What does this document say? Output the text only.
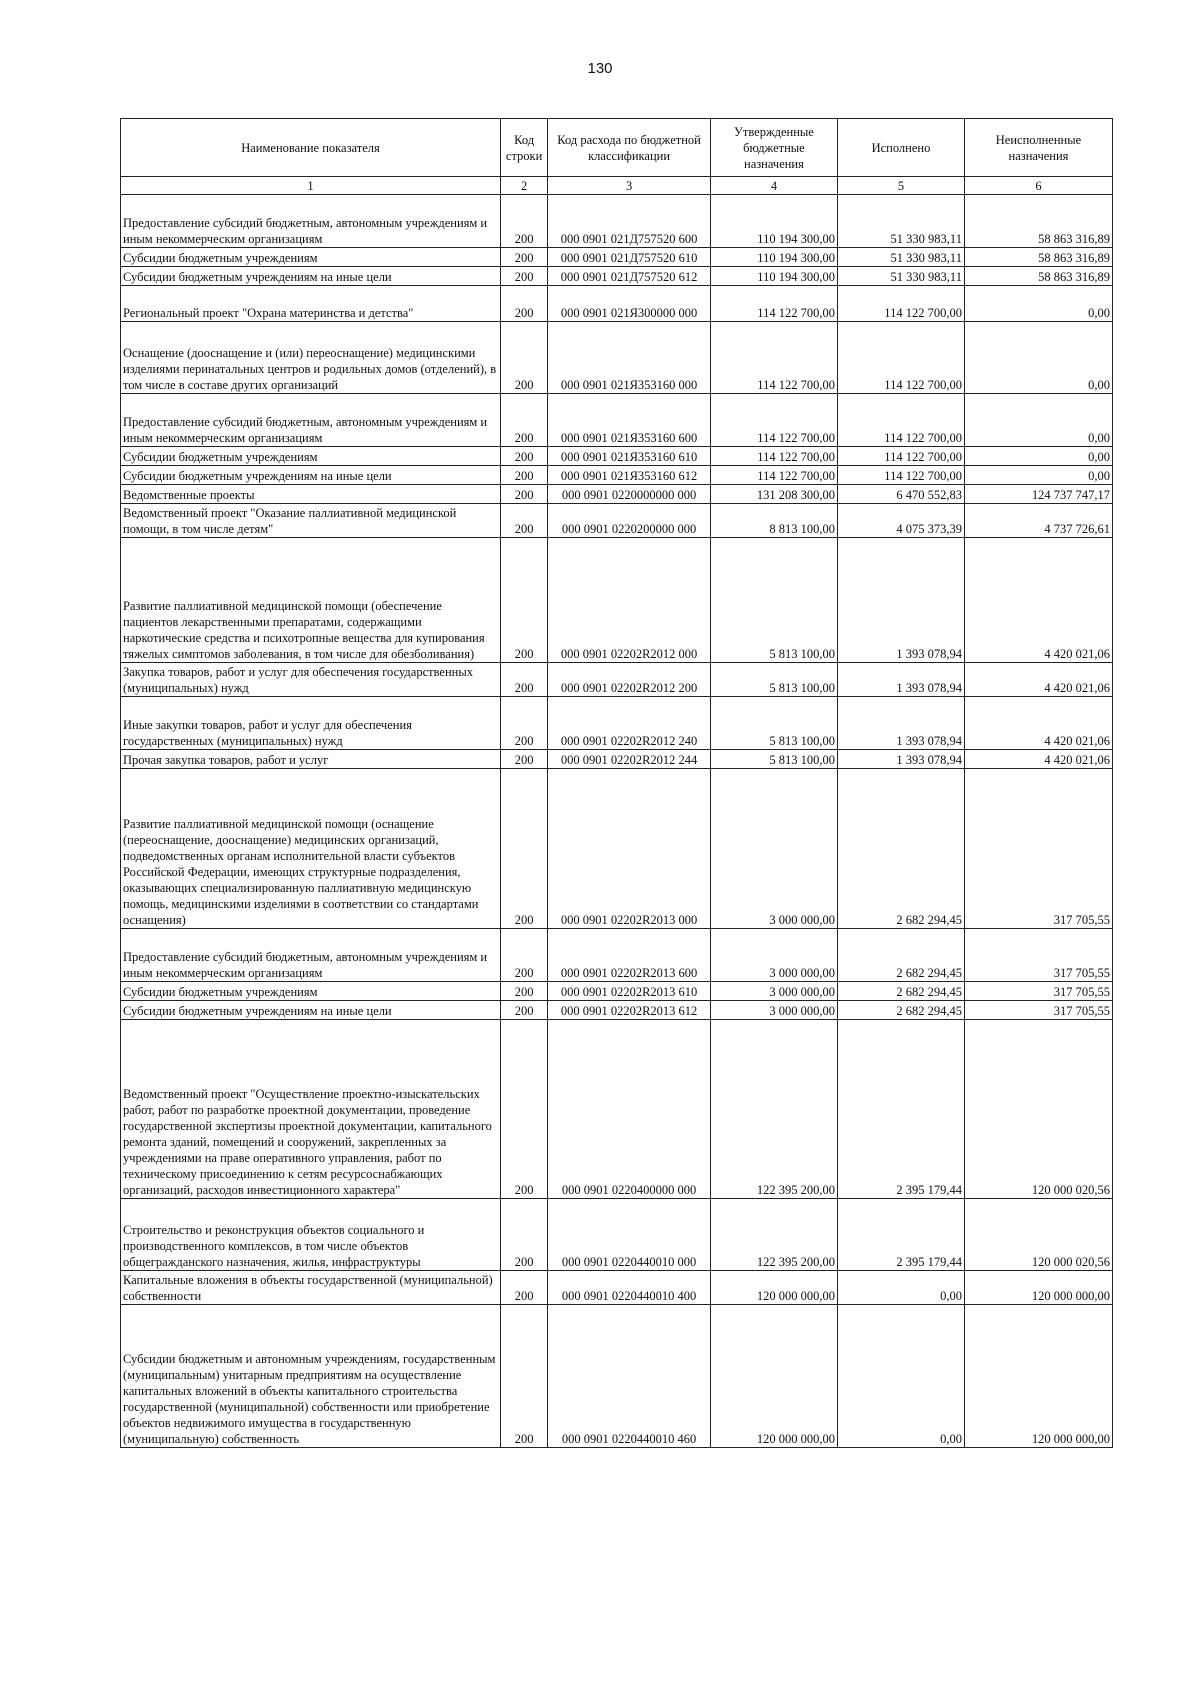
130
Наименование показателя	Код строки	Код расхода по бюджетной классификации	Утвержденные бюджетные назначения	Исполнено	Неисполненные назначения
1	2	3	4	5	6
Предоставление субсидий бюджетным, автономным учреждениям и иным некоммерческим организациям	200	000 0901 021Д757520 600	110 194 300,00	51 330 983,11	58 863 316,89
Субсидии бюджетным учреждениям	200	000 0901 021Д757520 610	110 194 300,00	51 330 983,11	58 863 316,89
Субсидии бюджетным учреждениям на иные цели	200	000 0901 021Д757520 612	110 194 300,00	51 330 983,11	58 863 316,89
Региональный проект "Охрана материнства и детства"	200	000 0901 021Я300000 000	114 122 700,00	114 122 700,00	0,00
Оснащение (дооснащение и (или) переоснащение) медицинскими изделиями перинатальных центров и родильных домов (отделений), в том числе в составе других организаций	200	000 0901 021Я353160 000	114 122 700,00	114 122 700,00	0,00
Предоставление субсидий бюджетным, автономным учреждениям и иным некоммерческим организациям	200	000 0901 021Я353160 600	114 122 700,00	114 122 700,00	0,00
Субсидии бюджетным учреждениям	200	000 0901 021Я353160 610	114 122 700,00	114 122 700,00	0,00
Субсидии бюджетным учреждениям на иные цели	200	000 0901 021Я353160 612	114 122 700,00	114 122 700,00	0,00
Ведомственные проекты	200	000 0901 0220000000 000	131 208 300,00	6 470 552,83	124 737 747,17
Ведомственный проект "Оказание паллиативной медицинской помощи, в том числе детям"	200	000 0901 0220200000 000	8 813 100,00	4 075 373,39	4 737 726,61
Развитие паллиативной медицинской помощи (обеспечение пациентов лекарственными препаратами, содержащими наркотические средства и психотропные вещества для купирования тяжелых симптомов заболевания, в том числе для обезболивания)	200	000 0901 02202R2012 000	5 813 100,00	1 393 078,94	4 420 021,06
Закупка товаров, работ и услуг для обеспечения государственных (муниципальных) нужд	200	000 0901 02202R2012 200	5 813 100,00	1 393 078,94	4 420 021,06
Иные закупки товаров, работ и услуг для обеспечения государственных (муниципальных) нужд	200	000 0901 02202R2012 240	5 813 100,00	1 393 078,94	4 420 021,06
Прочая закупка товаров, работ и услуг	200	000 0901 02202R2012 244	5 813 100,00	1 393 078,94	4 420 021,06
Развитие паллиативной медицинской помощи (оснащение (переоснащение, дооснащение) медицинских организаций, подведомственных органам исполнительной власти субъектов Российской Федерации, имеющих структурные подразделения, оказывающих специализированную паллиативную медицинскую помощь, медицинскими изделиями в соответствии со стандартами оснащения)	200	000 0901 02202R2013 000	3 000 000,00	2 682 294,45	317 705,55
Предоставление субсидий бюджетным, автономным учреждениям и иным некоммерческим организациям	200	000 0901 02202R2013 600	3 000 000,00	2 682 294,45	317 705,55
Субсидии бюджетным учреждениям	200	000 0901 02202R2013 610	3 000 000,00	2 682 294,45	317 705,55
Субсидии бюджетным учреждениям на иные цели	200	000 0901 02202R2013 612	3 000 000,00	2 682 294,45	317 705,55
Ведомственный проект "Осуществление проектно-изыскательских работ, работ по разработке проектной документации, проведение государственной экспертизы проектной документации, капитального ремонта зданий, помещений и сооружений, закрепленных за учреждениями на праве оперативного управления, работ по техническому присоединению к сетям ресурсоснабжающих организаций, расходов инвестиционного характера"	200	000 0901 0220400000 000	122 395 200,00	2 395 179,44	120 000 020,56
Строительство и реконструкция объектов социального и производственного комплексов, в том числе объектов общегражданского назначения, жилья, инфраструктуры	200	000 0901 0220440010 000	122 395 200,00	2 395 179,44	120 000 020,56
Капитальные вложения в объекты государственной (муниципальной) собственности	200	000 0901 0220440010 400	120 000 000,00	0,00	120 000 000,00
Субсидии бюджетным и автономным учреждениям, государственным (муниципальным) унитарным предприятиям на осуществление капитальных вложений в объекты капитального строительства государственной (муниципальной) собственности или приобретение объектов недвижимого имущества в государственную (муниципальную) собственность	200	000 0901 0220440010 460	120 000 000,00	0,00	120 000 000,00
